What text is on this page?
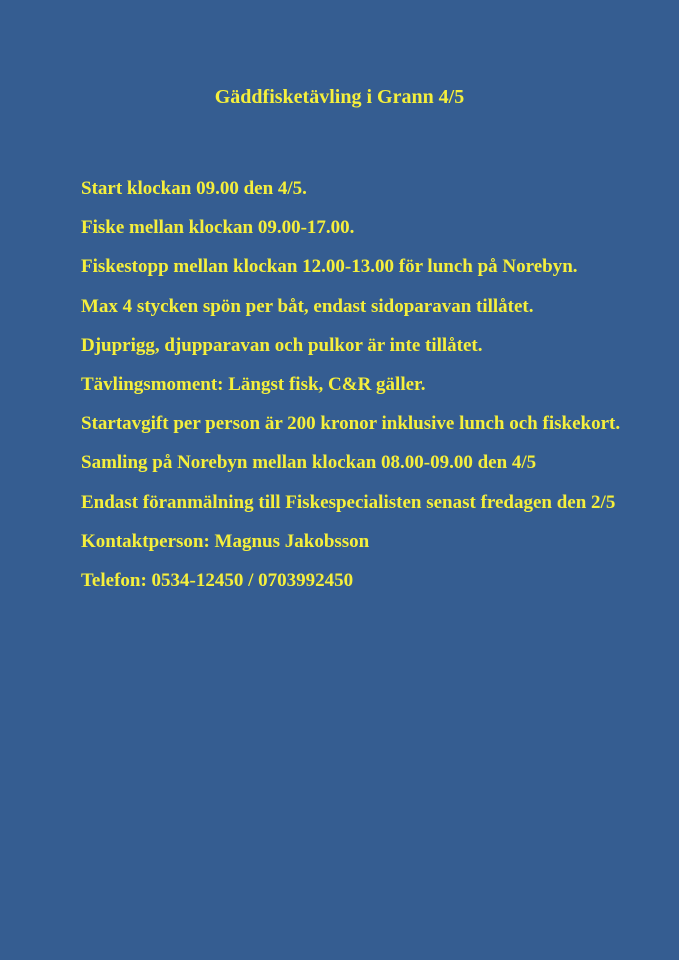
Gäddfisketävling i Grann 4/5

Start klockan 09.00 den 4/5.

Fiske mellan klockan 09.00-17.00.

Fiskestopp mellan klockan 12.00-13.00 för lunch på Norebyn.

Max 4 stycken spön per båt, endast sidoparavan tillåtet.

Djuprigg, djupparavan och pulkor är inte tillåtet.

Tävlingsmoment: Längst fisk, C&R gäller.

Startavgift per person är 200 kronor inklusive lunch och fiskekort.

Samling på Norebyn mellan klockan 08.00-09.00 den 4/5

Endast föranmälning till Fiskespecialisten senast fredagen den 2/5

Kontaktperson: Magnus Jakobsson

Telefon: 0534-12450 / 0703992450
